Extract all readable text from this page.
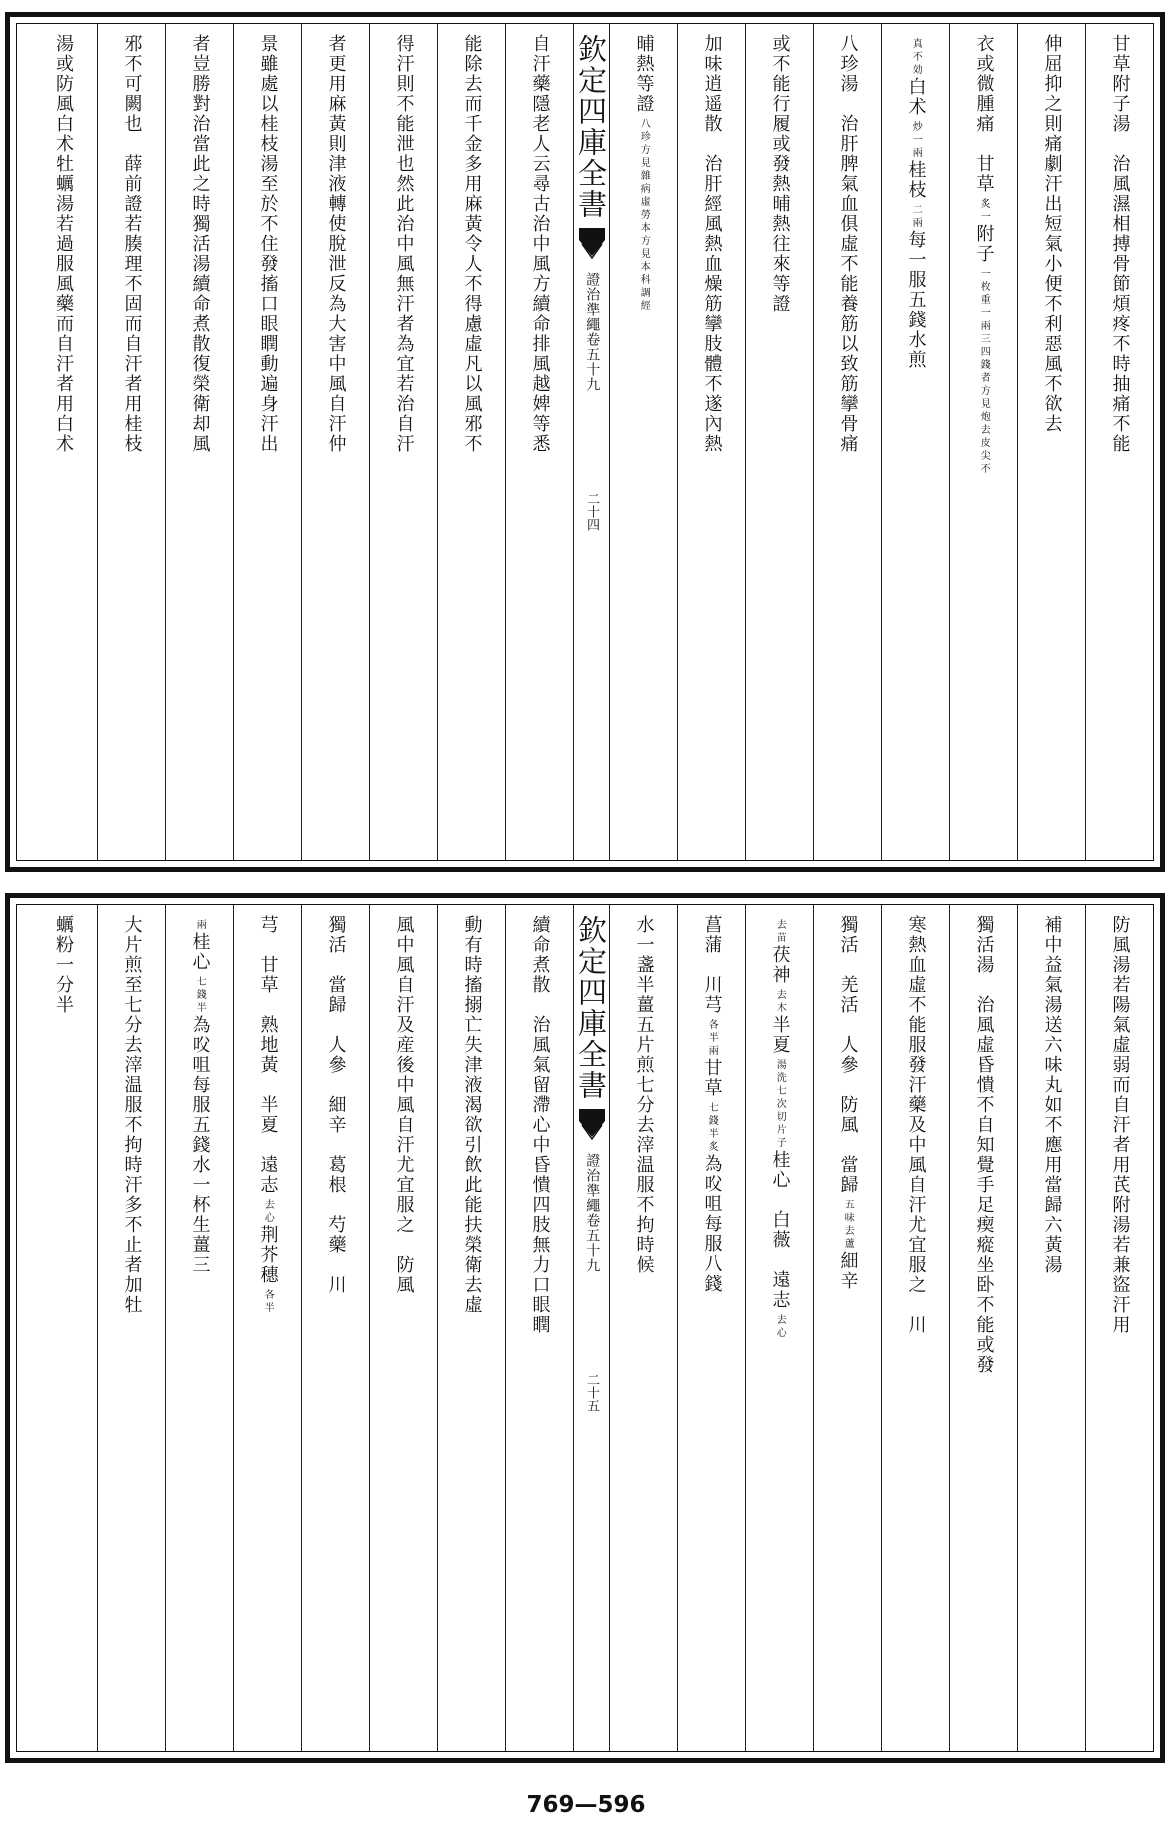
甘草附子湯　治風濕相搏骨節煩疼不時抽痛不能
伸屈抑之則痛劇汗出短氣小便不利惡風不欲去
衣或微腫痛　甘草
炙一
附子
一枚重一兩三四錢者方見炮去皮尖不
真不効
白术
炒一兩
桂枝
二兩
每一服五錢水煎
八珍湯　治肝脾氣血俱虛不能養筋以致筋攣骨痛
或不能行履或發熱晡熱往來等證
加味逍遥散　治肝經風熱血燥筋攣肢體不遂內熱
晡熱等證
八珍方見雜病虛勞本方見本科調經
欽定四庫全書
證治準繩卷五十九
二十四
自汗藥隱老人云尋古治中風方續命排風越婢等悉
能除去而千金多用麻黃令人不得慮虛凡以風邪不
得汗則不能泄也然此治中風無汗者為宜若治自汗
者更用麻黃則津液轉使脫泄反為大害中風自汗仲
景雖處以桂枝湯至於不住發搐口眼瞤動遍身汗出
者豈勝對治當此之時獨活湯續命煮散復榮衛却風
邪不可闕也　薛前證若腠理不固而自汗者用桂枝
湯或防風白术牡蠣湯若過服風藥而自汗者用白术
防風湯若陽氣虛弱而自汗者用芪附湯若兼盜汗用
補中益氣湯送六味丸如不應用當歸六黃湯
獨活湯　治風虛昏憒不自知覺手足瘈瘲坐卧不能或發
寒熱血虛不能服發汗藥及中風自汗尤宜服之　川
獨活　羌活　人參　防風　當歸
五味去蘆
細辛
去苗
茯神
去木
半夏
湯洗七次切片子
桂心　白薇　遠志
去心
菖蒲　川芎
各半兩
甘草
七錢半炙
為㕮咀每服八錢
水一盞半薑五片煎七分去滓温服不拘時候
欽定四庫全書
證治準繩卷五十九
二十五
續命煮散　治風氣留滯心中昏憒四肢無力口眼瞤
動有時搐搦亡失津液渴欲引飲此能扶榮衛去虛
風中風自汗及産後中風自汗尤宜服之　防風
獨活　當歸　人參　細辛　葛根　芍藥　川
芎　甘草　熟地黃　半夏　遠志
去心
荆芥穗
各半
兩
桂心
七錢半
為㕮咀每服五錢水一杯生薑三
大片煎至七分去滓温服不拘時汗多不止者加牡
蠣粉一分半
769—596
